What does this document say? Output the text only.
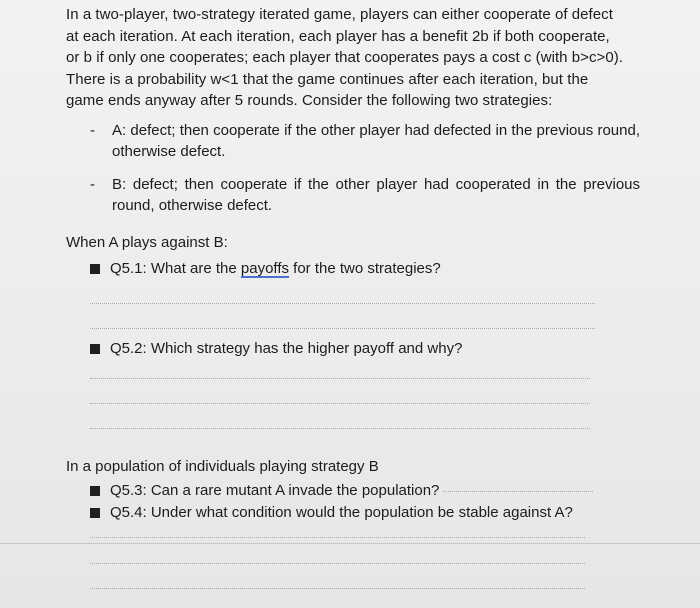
In a two-player, two-strategy iterated game, players can either cooperate of defect

at each iteration. At each iteration, each player has a benefit 2b if both cooperate,

or b if only one cooperates; each player that cooperates pays a cost c (with b>c>0).

There is a probability w<1 that the game continues after each iteration, but the

game ends anyway after 5 rounds. Consider the following two strategies:

-	A: defect; then cooperate if the other player had defected in the previous round, otherwise defect.
-	B: defect; then cooperate if the other player had cooperated in the previous round, otherwise defect.
When A plays against B:
Q5.1: What are the payoffs for the two strategies?
Q5.2: Which strategy has the higher payoff and why?
In a population of individuals playing strategy B
Q5.3: Can a rare mutant A invade the population?
Q5.4: Under what condition would the population be stable against A?
